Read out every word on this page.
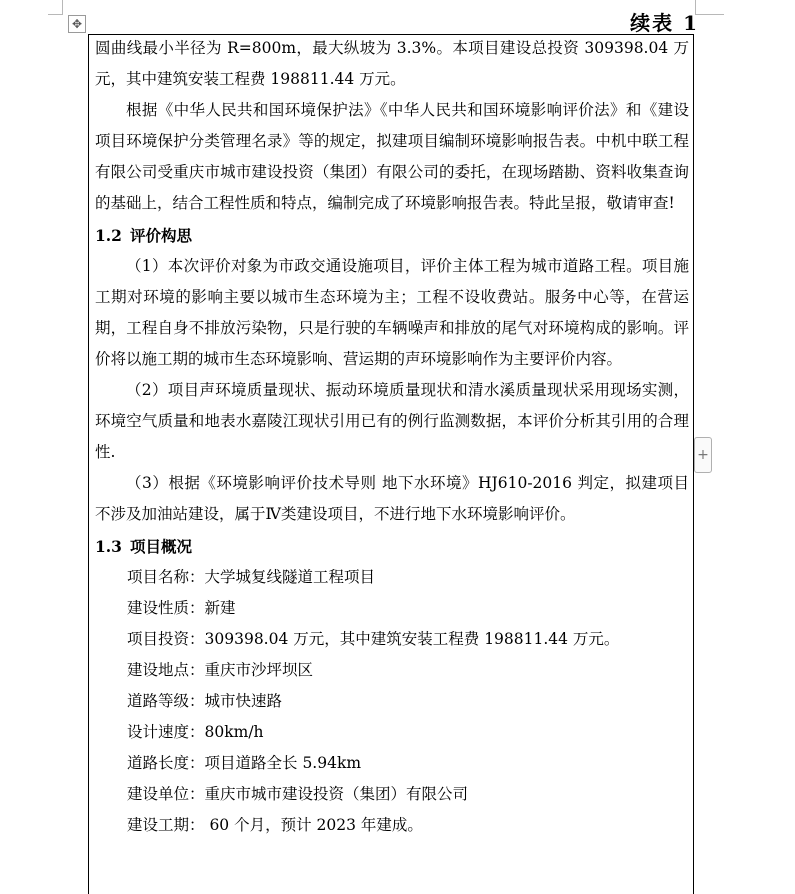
✥	续表 1

圆曲线最小半径为 R=800m，最大纵坡为 3.3%。本项目建设总投资 309398.04 万元，其中建筑安装工程费 198811.44 万元。

根据《中华人民共和国环境保护法》《中华人民共和国环境影响评价法》和《建设项目环境保护分类管理名录》等的规定，拟建项目编制环境影响报告表。中机中联工程有限公司受重庆市城市建设投资（集团）有限公司的委托，在现场踏勘、资料收集查询的基础上，结合工程性质和特点，编制完成了环境影响报告表。特此呈报，敬请审查!

1.2 评价构思

（1）本次评价对象为市政交通设施项目，评价主体工程为城市道路工程。项目施工期对环境的影响主要以城市生态环境为主；工程不设收费站。服务中心等，在营运期，工程自身不排放污染物，只是行驶的车辆噪声和排放的尾气对环境构成的影响。评价将以施工期的城市生态环境影响、营运期的声环境影响作为主要评价内容。

（2）项目声环境质量现状、振动环境质量现状和清水溪质量现状采用现场实测，环境空气质量和地表水嘉陵江现状引用已有的例行监测数据，本评价分析其引用的合理性.

（3）根据《环境影响评价技术导则 地下水环境》HJ610-2016 判定，拟建项目不涉及加油站建设，属于Ⅳ类建设项目，不进行地下水环境影响评价。

1.3 项目概况

项目名称：大学城复线隧道工程项目

建设性质：新建

项目投资：309398.04 万元，其中建筑安装工程费 198811.44 万元。

建设地点：重庆市沙坪坝区

道路等级：城市快速路

设计速度：80km/h

道路长度：项目道路全长 5.94km

建设单位：重庆市城市建设投资（集团）有限公司

建设工期： 60 个月，预计 2023 年建成。

+
